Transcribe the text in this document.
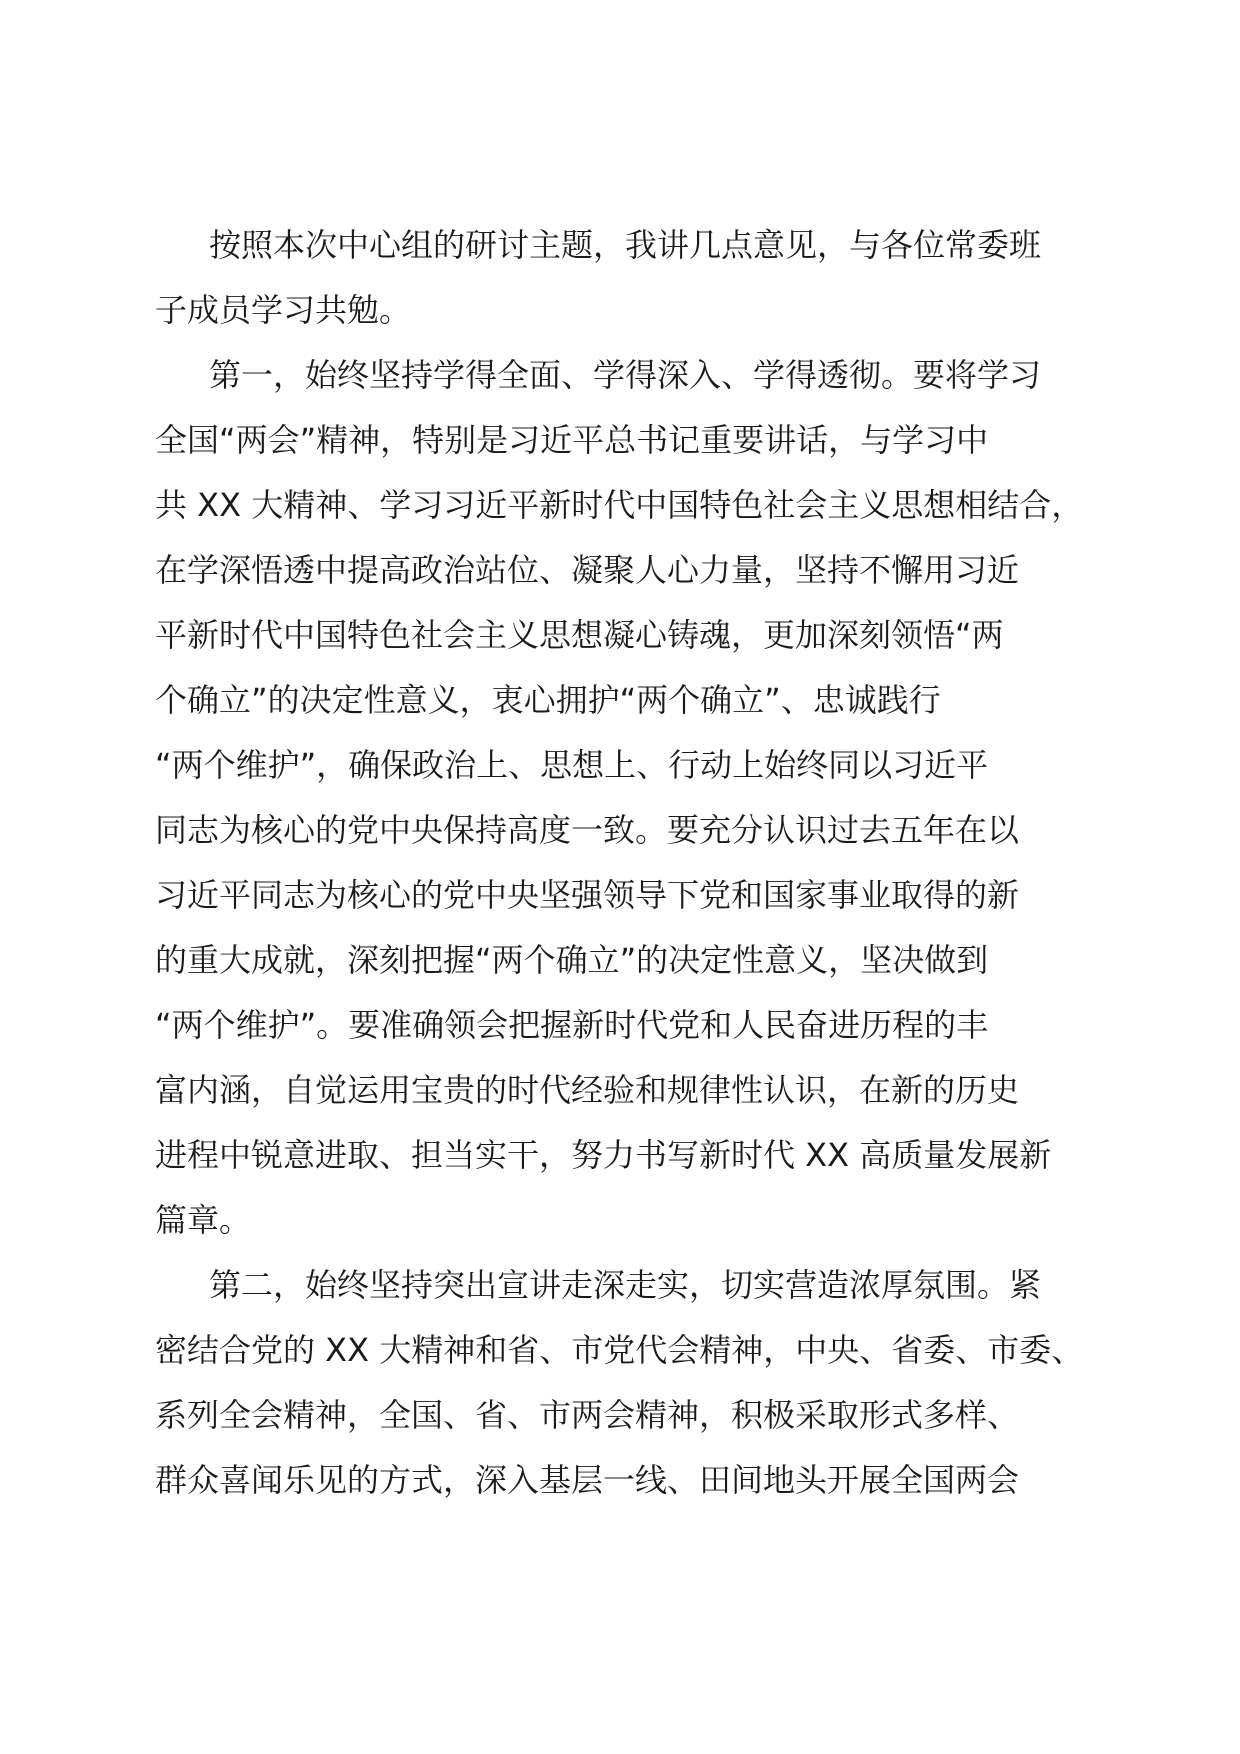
按照本次中心组的研讨主题，我讲几点意见，与各位常委班
子成员学习共勉。
第一，始终坚持学得全面、学得深入、学得透彻。要将学习
全国“两会”精神，特别是习近平总书记重要讲话，与学习中
共 XX 大精神、学习习近平新时代中国特色社会主义思想相结合，
在学深悟透中提高政治站位、凝聚人心力量，坚持不懈用习近
平新时代中国特色社会主义思想凝心铸魂，更加深刻领悟“两
个确立”的决定性意义，衷心拥护“两个确立”、忠诚践行
“两个维护”，确保政治上、思想上、行动上始终同以习近平
同志为核心的党中央保持高度一致。要充分认识过去五年在以
习近平同志为核心的党中央坚强领导下党和国家事业取得的新
的重大成就，深刻把握“两个确立”的决定性意义，坚决做到
“两个维护”。要准确领会把握新时代党和人民奋进历程的丰
富内涵，自觉运用宝贵的时代经验和规律性认识，在新的历史
进程中锐意进取、担当实干，努力书写新时代 XX 高质量发展新
篇章。
第二，始终坚持突出宣讲走深走实，切实营造浓厚氛围。紧
密结合党的 XX 大精神和省、市党代会精神，中央、省委、市委、
系列全会精神，全国、省、市两会精神，积极采取形式多样、
群众喜闻乐见的方式，深入基层一线、田间地头开展全国两会
